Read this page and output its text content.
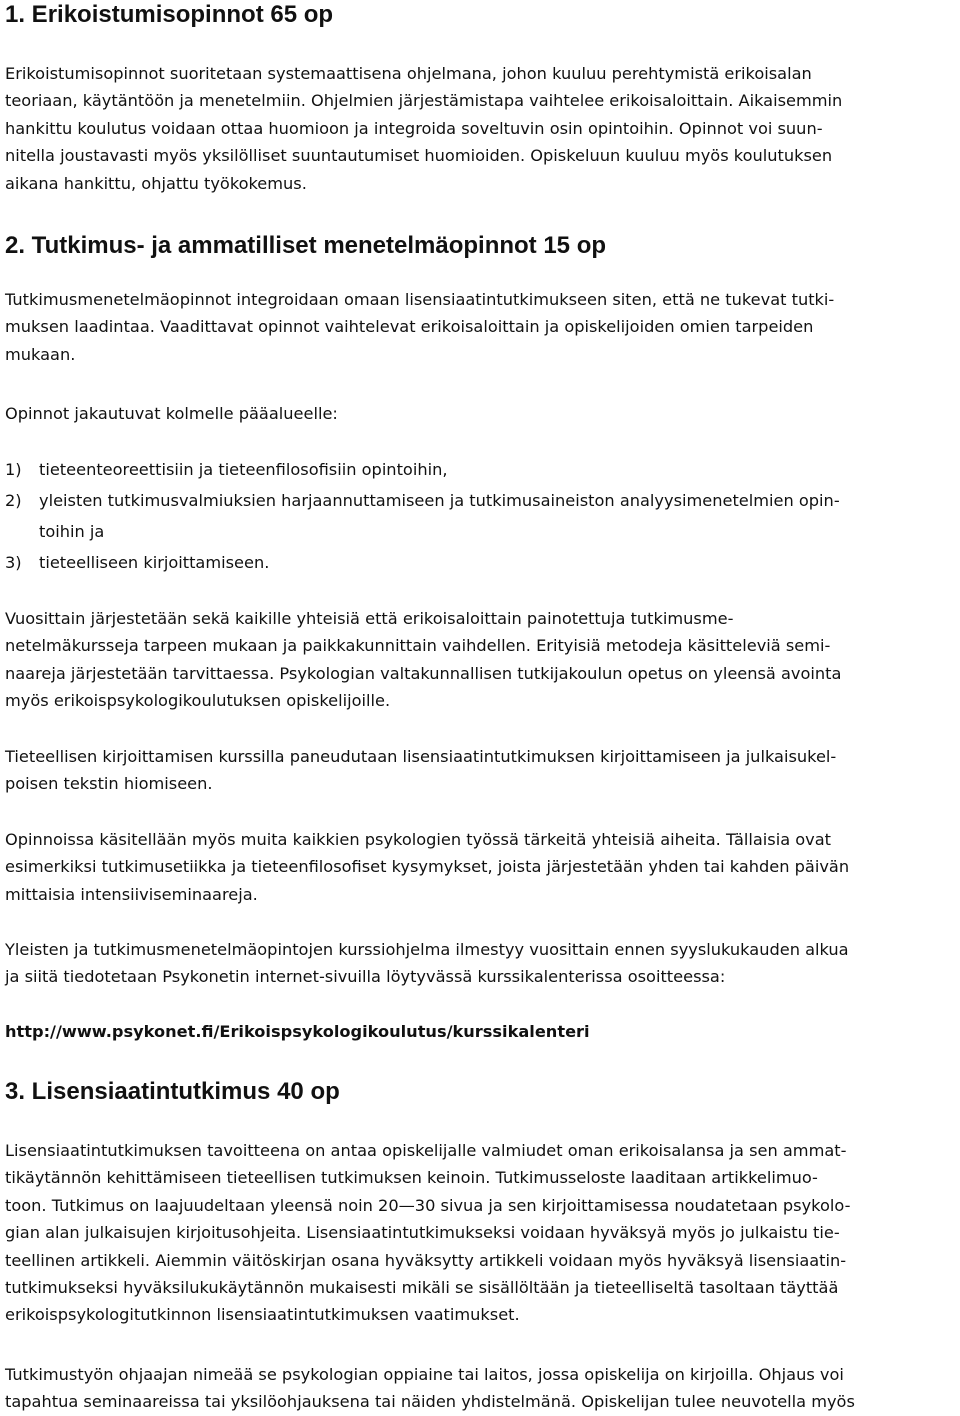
1. Erikoistumisopinnot 65 op

Erikoistumisopinnot suoritetaan systemaattisena ohjelmana, johon kuuluu perehtymistä erikoisalan

teoriaan, käytäntöön ja menetelmiin. Ohjelmien järjestämistapa vaihtelee erikoisaloittain. Aikaisemmin

hankittu koulutus voidaan ottaa huomioon ja integroida soveltuvin osin opintoihin. Opinnot voi suun-

nitella joustavasti myös yksilölliset suuntautumiset huomioiden. Opiskeluun kuuluu myös koulutuksen

aikana hankittu, ohjattu työkokemus.

2. Tutkimus- ja ammatilliset menetelmäopinnot 15 op

Tutkimusmenetelmäopinnot integroidaan omaan lisensiaatintutkimukseen siten, että ne tukevat tutki-

muksen laadintaa. Vaadittavat opinnot vaihtelevat erikoisaloittain ja opiskelijoiden omien tarpeiden

mukaan.

Opinnot jakautuvat kolmelle pääalueelle:

1)	tieteenteoreettisiin ja tieteenfilosofisiin opintoihin,
2)	yleisten tutkimusvalmiuksien harjaannuttamiseen ja tutkimusaineiston analyysimenetelmien opin-
toihin ja
3)	tieteelliseen kirjoittamiseen.

Vuosittain järjestetään sekä kaikille yhteisiä että erikoisaloittain painotettuja tutkimusme-

netelmäkursseja tarpeen mukaan ja paikkakunnittain vaihdellen. Erityisiä metodeja käsitteleviä semi-

naareja järjestetään tarvittaessa. Psykologian valtakunnallisen tutkijakoulun opetus on yleensä avointa

myös erikoispsykologikoulutuksen opiskelijoille.

Tieteellisen kirjoittamisen kurssilla paneudutaan lisensiaatintutkimuksen kirjoittamiseen ja julkaisukel-

poisen tekstin hiomiseen.

Opinnoissa käsitellään myös muita kaikkien psykologien työssä tärkeitä yhteisiä aiheita. Tällaisia ovat

esimerkiksi tutkimusetiikka ja tieteenfilosofiset kysymykset, joista järjestetään yhden tai kahden päivän

mittaisia intensiiviseminaareja.

Yleisten ja tutkimusmenetelmäopintojen kurssiohjelma ilmestyy vuosittain ennen syyslukukauden alkua

ja siitä tiedotetaan Psykonetin internet-sivuilla löytyvässä kurssikalenterissa osoitteessa:

http://www.psykonet.fi/Erikoispsykologikoulutus/kurssikalenteri
3. Lisensiaatintutkimus 40 op

Lisensiaatintutkimuksen tavoitteena on antaa opiskelijalle valmiudet oman erikoisalansa ja sen ammat-

tikäytännön kehittämiseen tieteellisen tutkimuksen keinoin. Tutkimusseloste laaditaan artikkelimuo-

toon. Tutkimus on laajuudeltaan yleensä noin 20—30 sivua ja sen kirjoittamisessa noudatetaan psykolo-

gian alan julkaisujen kirjoitusohjeita. Lisensiaatintutkimukseksi voidaan hyväksyä myös jo julkaistu tie-

teellinen artikkeli. Aiemmin väitöskirjan osana hyväksytty artikkeli voidaan myös hyväksyä lisensiaatin-

tutkimukseksi hyväksilukukäytännön mukaisesti mikäli se sisällöltään ja tieteelliseltä tasoltaan täyttää

erikoispsykologitutkinnon lisensiaatintutkimuksen vaatimukset.

Tutkimustyön ohjaajan nimeää se psykologian oppiaine tai laitos, jossa opiskelija on kirjoilla. Ohjaus voi

tapahtua seminaareissa tai yksilöohjauksena tai näiden yhdistelmänä. Opiskelijan tulee neuvotella myös
